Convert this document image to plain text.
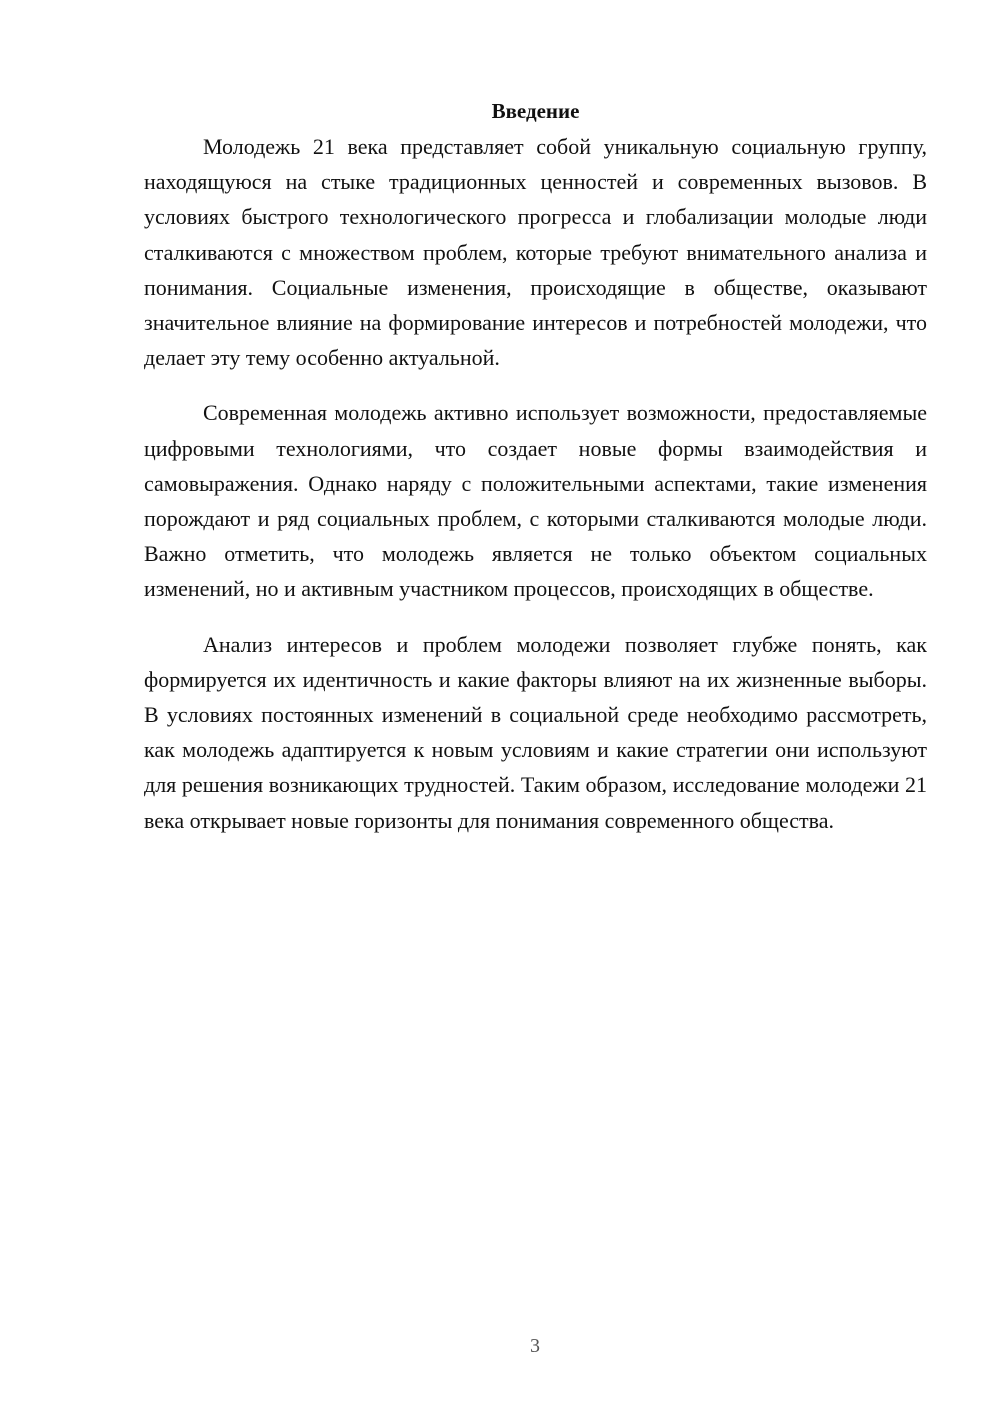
Введение

Молодежь 21 века представляет собой уникальную социальную группу, находящуюся на стыке традиционных ценностей и современных вызовов. В условиях быстрого технологического прогресса и глобализации молодые люди сталкиваются с множеством проблем, которые требуют внимательного анализа и понимания. Социальные изменения, происходящие в обществе, оказывают значительное влияние на формирование интересов и потребностей молодежи, что делает эту тему особенно актуальной.

Современная молодежь активно использует возможности, предоставляемые цифровыми технологиями, что создает новые формы взаимодействия и самовыражения. Однако наряду с положительными аспектами, такие изменения порождают и ряд социальных проблем, с которыми сталкиваются молодые люди. Важно отметить, что молодежь является не только объектом социальных изменений, но и активным участником процессов, происходящих в обществе.

Анализ интересов и проблем молодежи позволяет глубже понять, как формируется их идентичность и какие факторы влияют на их жизненные выборы. В условиях постоянных изменений в социальной среде необходимо рассмотреть, как молодежь адаптируется к новым условиям и какие стратегии они используют для решения возникающих трудностей. Таким образом, исследование молодежи 21 века открывает новые горизонты для понимания современного общества.

3
